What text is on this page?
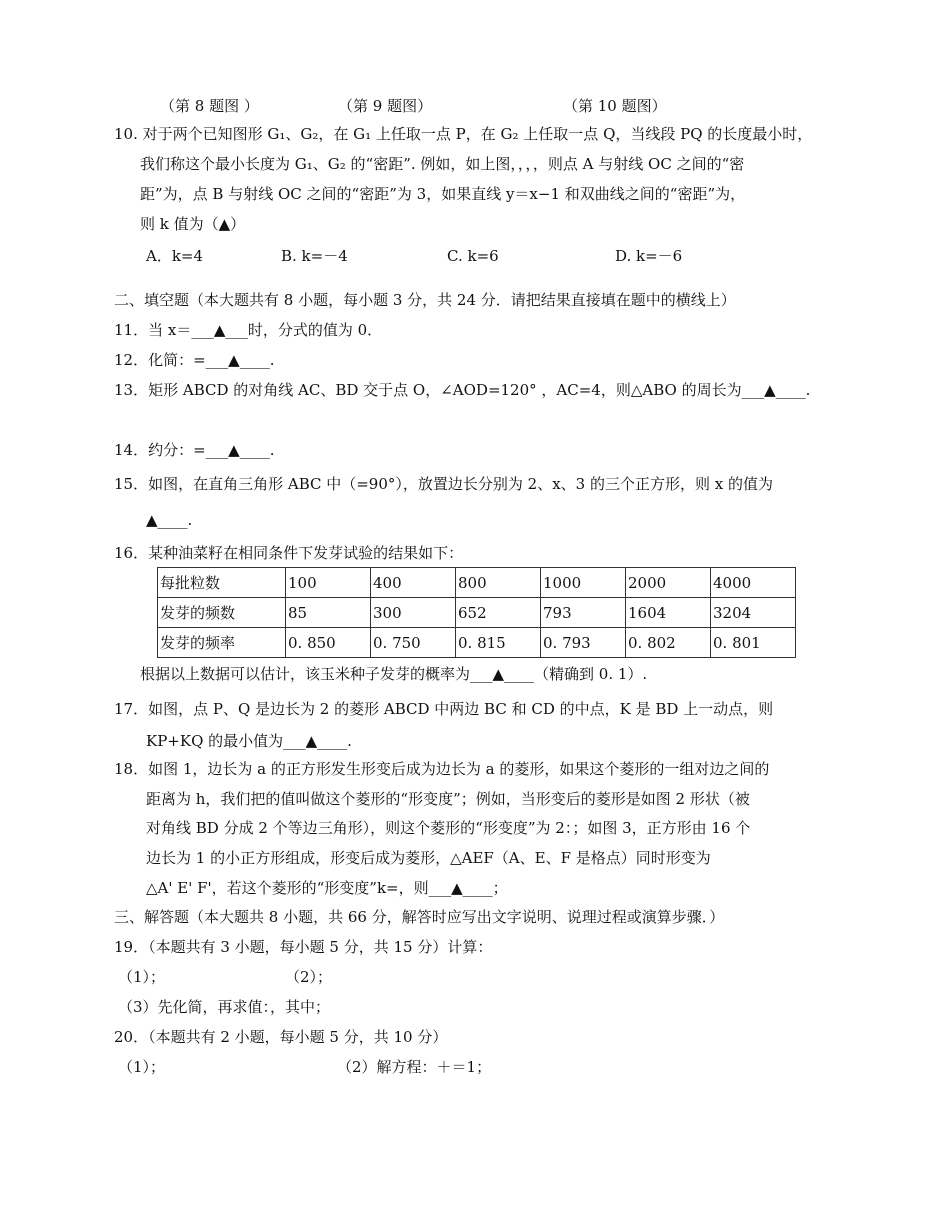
（第 8 题图 ）	（第 9 题图）	（第 10 题图）
10. 对于两个已知图形 G₁、G₂，在 G₁ 上任取一点 P，在 G₂ 上任取一点 Q，当线段 PQ 的长度最小时，
我们称这个最小长度为 G₁、G₂ 的“密距”. 例如，如上图，，，，则点 A 与射线 OC 之间的“密
距”为，点 B 与射线 OC 之间的“密距”为 3，如果直线 y＝x−1 和双曲线之间的“密距”为，
则 k 值为（▲）
A．k=4	B. k=－4	C. k=6	D. k=－6
二、填空题（本大题共有 8 小题，每小题 3 分，共 24 分．请把结果直接填在题中的横线上）
11．当 x＝___▲___时，分式的值为 0．
12．化简：=___▲____.
13．矩形 ABCD 的对角线 AC、BD 交于点 O，∠AOD=120° ，AC=4，则△ABO 的周长为___▲____.
14．约分：=___▲____.
15．如图，在直角三角形 ABC 中（=90°），放置边长分别为 2、x、3 的三个正方形，则 x 的值为
▲____.
16．某种油菜籽在相同条件下发芽试验的结果如下：
每批粒数	100	400	800	1000	2000	4000
发芽的频数	85	300	652	793	1604	3204
发芽的频率	0. 850	0. 750	0. 815	0. 793	0. 802	0. 801
根据以上数据可以估计，该玉米种子发芽的概率为___▲____（精确到 0. 1）.
17．如图，点 P、Q 是边长为 2 的菱形 ABCD 中两边 BC 和 CD 的中点，K 是 BD 上一动点，则
KP+KQ 的最小值为___▲____.
18．如图 1，边长为 a 的正方形发生形变后成为边长为 a 的菱形，如果这个菱形的一组对边之间的
距离为 h，我们把的值叫做这个菱形的“形变度”；例如，当形变后的菱形是如图 2 形状（被
对角线 BD 分成 2 个等边三角形），则这个菱形的“形变度”为 2：；如图 3，正方形由 16 个
边长为 1 的小正方形组成，形变后成为菱形，△AEF（A、E、F 是格点）同时形变为
△A' E' F'，若这个菱形的“形变度”k=，则___▲____；
三、解答题（本大题共 8 小题，共 66 分，解答时应写出文字说明、说理过程或演算步骤．）
19．（本题共有 3 小题，每小题 5 分，共 15 分）计算：
（1）；	（2）；
（3）先化简，再求值：，其中；
20．（本题共有 2 小题，每小题 5 分，共 10 分）
（1）；	（2）解方程：＋＝1；
